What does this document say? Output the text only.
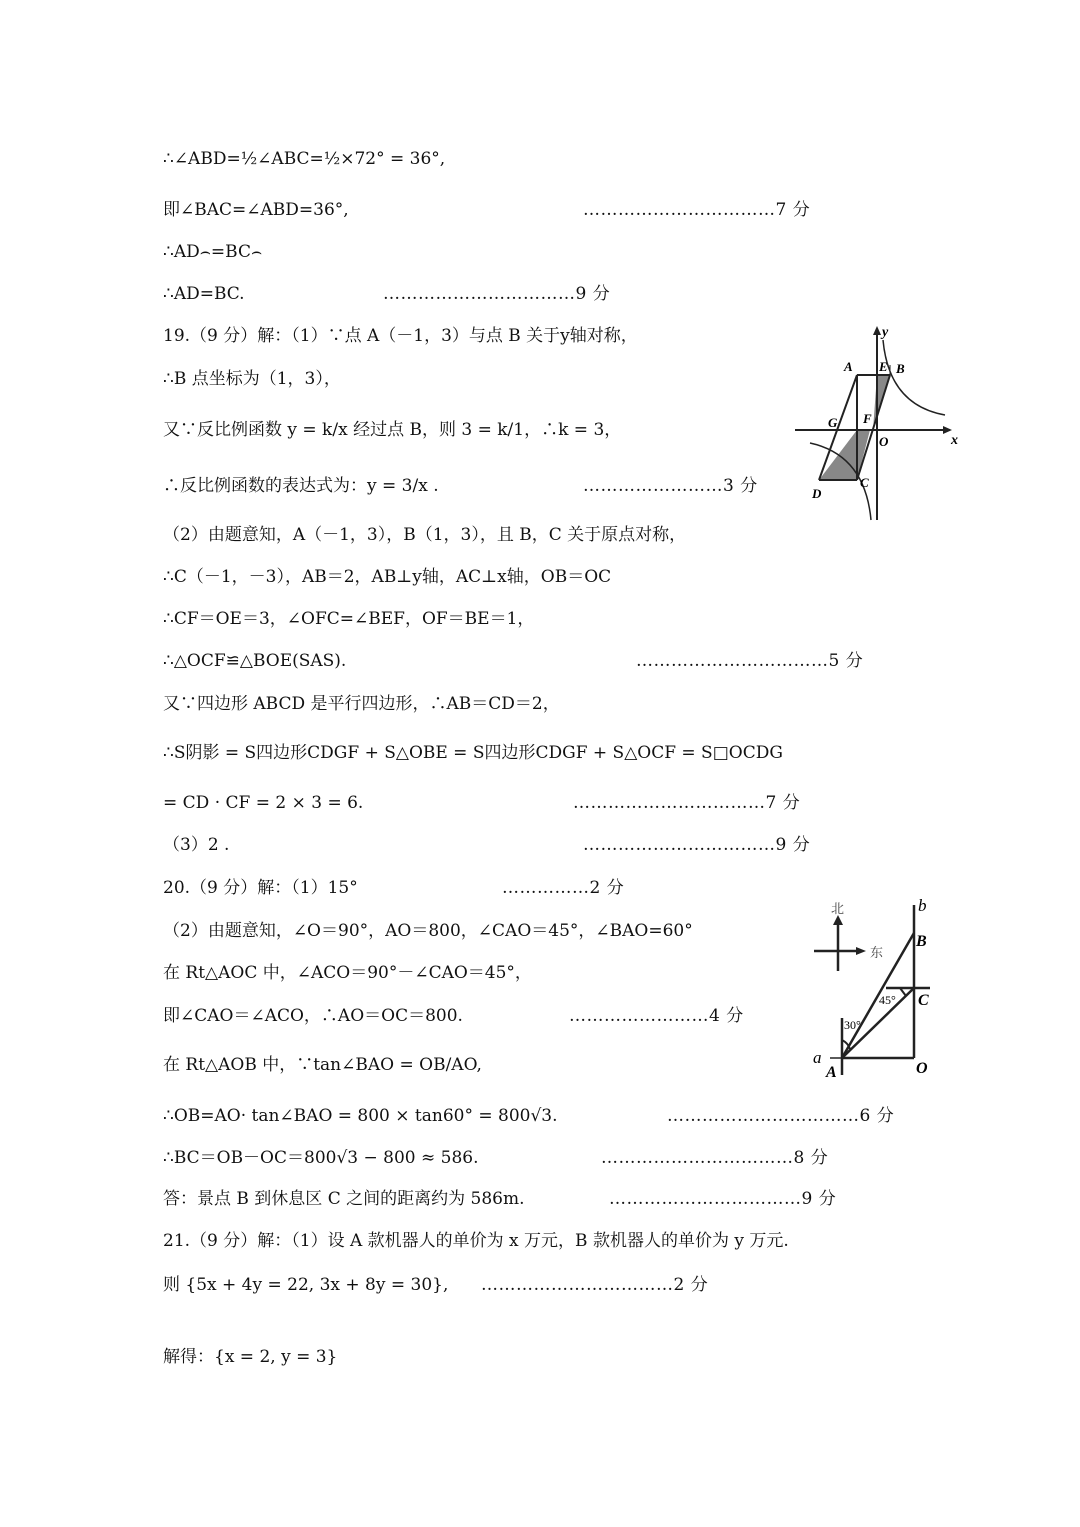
∴∠ABD=½∠ABC=½×72° = 36°,
即∠BAC=∠ABD=36°,
∴AD⌢=BC⌢
∴AD=BC.
19.（9 分）解：（1）∵点 A（－1，3）与点 B 关于y轴对称，
∴B 点坐标为（1，3），
又∵反比例函数 y = k/x 经过点 B，则 3 = k/1，∴k = 3，
∴反比例函数的表达式为：y = 3/x .
（2）由题意知，A（－1，3），B（1，3），且 B，C 关于原点对称，
∴C（－1，－3），AB＝2，AB⊥y轴，AC⊥x轴，OB＝OC
∴CF＝OE＝3，∠OFC=∠BEF，OF＝BE＝1，
∴△OCF≌△BOE(SAS).
又∵四边形 ABCD 是平行四边形，∴AB＝CD＝2，
∴S阴影 = S四边形CDGF + S△OBE = S四边形CDGF + S△OCF = S□OCDG
= CD · CF = 2 × 3 = 6.
（3）2 .
20.（9 分）解：（1）15°
（2）由题意知，∠O＝90°，AO＝800，∠CAO＝45°，∠BAO=60°
在 Rt△AOC 中，∠ACO＝90°－∠CAO＝45°，
即∠CAO＝∠ACO，∴AO＝OC＝800.
在 Rt△AOB 中，∵tan∠BAO = OB/AO,
∴OB=AO· tan∠BAO = 800 × tan60° = 800√3.
∴BC＝OB－OC＝800√3 − 800 ≈ 586.
答：景点 B 到休息区 C 之间的距离约为 586m.
21.（9 分）解：（1）设 A 款机器人的单价为 x 万元，B 款机器人的单价为 y 万元.
则 {5x + 4y = 22, 3x + 8y = 30},
解得：{x = 2, y = 3}
……………………………7 分
……………………………9 分
……………………3 分
……………………………5 分
……………………………7 分
……………………………9 分
……………2 分
……………………4 分
……………………………6 分
……………………………8 分
……………………………9 分
……………………………2 分
y
x
A E B
G F
O
C
D
北
东
b
B
C
45°
30°
a
A	O
